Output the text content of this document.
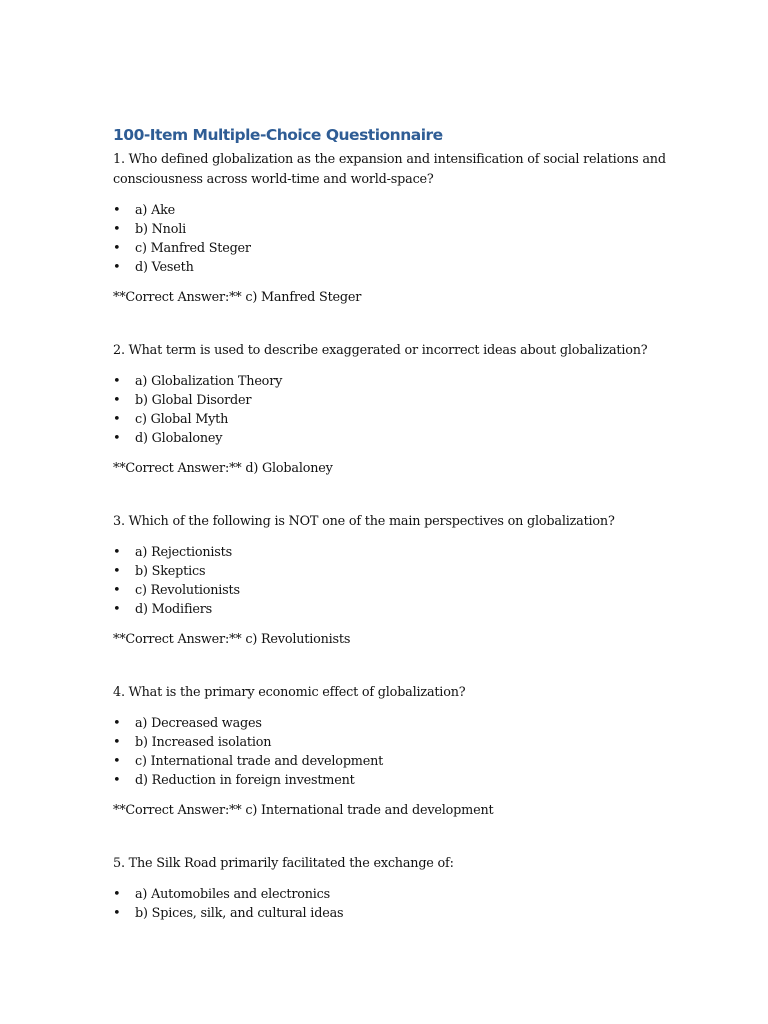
100-Item Multiple-Choice Questionnaire

1. Who defined globalization as the expansion and intensification of social relations and consciousness across world-time and world-space?

• a) Ake
• b) Nnoli
• c) Manfred Steger
• d) Veseth

**Correct Answer:** c) Manfred Steger

2. What term is used to describe exaggerated or incorrect ideas about globalization?

• a) Globalization Theory
• b) Global Disorder
• c) Global Myth
• d) Globaloney

**Correct Answer:** d) Globaloney

3. Which of the following is NOT one of the main perspectives on globalization?

• a) Rejectionists
• b) Skeptics
• c) Revolutionists
• d) Modifiers

**Correct Answer:** c) Revolutionists

4. What is the primary economic effect of globalization?

• a) Decreased wages
• b) Increased isolation
• c) International trade and development
• d) Reduction in foreign investment

**Correct Answer:** c) International trade and development

5. The Silk Road primarily facilitated the exchange of:

• a) Automobiles and electronics
• b) Spices, silk, and cultural ideas
